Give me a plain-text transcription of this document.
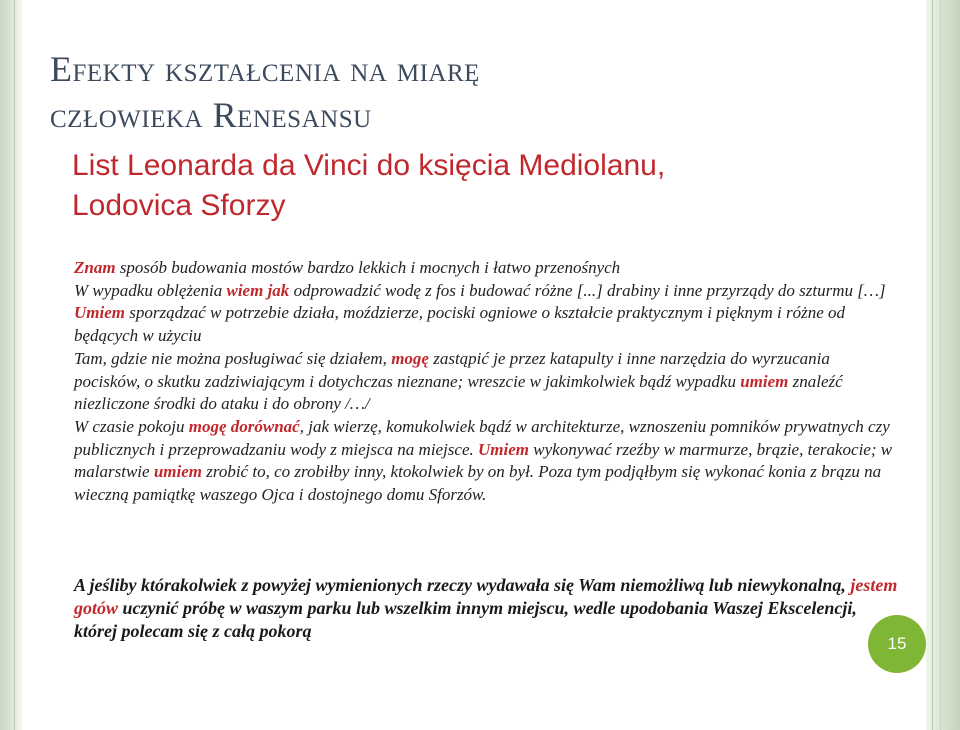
Efekty kształcenia na miarę
człowieka Renesansu
List Leonarda da Vinci do księcia Mediolanu,
Lodovica Sforzy
Znam sposób budowania mostów bardzo lekkich i mocnych i łatwo przenośnych
W wypadku oblężenia wiem jak odprowadzić wodę z fos i budować różne [...] drabiny i inne przyrządy do szturmu […]
Umiem sporządzać w potrzebie działa, moździerze, pociski ogniowe o kształcie praktycznym i pięknym i różne od będących w użyciu
Tam, gdzie nie można posługiwać się działem, mogę zastąpić je przez katapulty i inne narzędzia do wyrzucania pocisków, o skutku zadziwiającym i dotychczas nieznane; wreszcie w jakimkolwiek bądź wypadku umiem znaleźć niezliczone środki do ataku i do obrony /…/
W czasie pokoju mogę dorównać, jak wierzę, komukolwiek bądź w architekturze, wznoszeniu pomników prywatnych czy publicznych i przeprowadzaniu wody z miejsca na miejsce. Umiem wykonywać rzeźby w marmurze, brązie, terakocie; w malarstwie umiem zrobić to, co zrobiłby inny, ktokolwiek by on był. Poza tym podjąłbym się wykonać konia z brązu na wieczną pamiątkę waszego Ojca i dostojnego domu Sforzów.
A jeśliby którakolwiek z powyżej wymienionych rzeczy wydawała się Wam niemożliwą lub niewykonalną, jestem gotów uczynić próbę w waszym parku lub wszelkim innym miejscu, wedle upodobania Waszej Ekscelencji, której polecam się z całą pokorą
15
